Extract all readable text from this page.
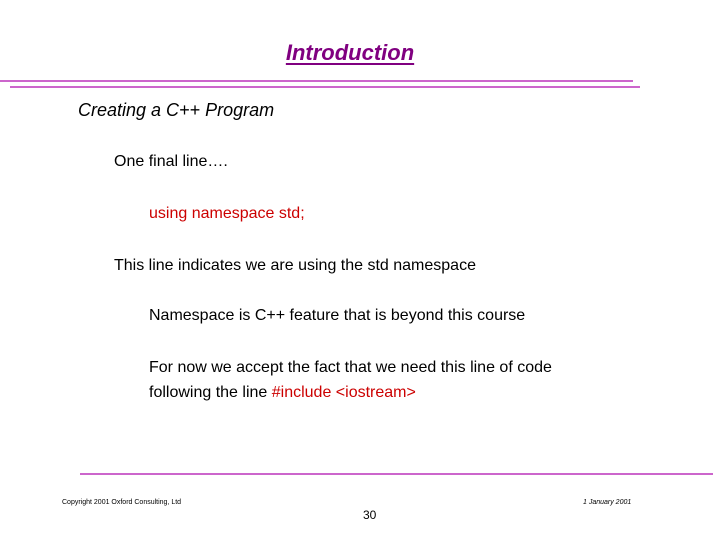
Introduction
Creating a C++ Program
One final line….
using namespace std;
This line indicates we are using the std namespace
Namespace is C++ feature that is beyond this course
For now we accept the fact that we need this line of code
following the line #include <iostream>
Copyright 2001 Oxford Consulting, Ltd	1 January 2001
30
